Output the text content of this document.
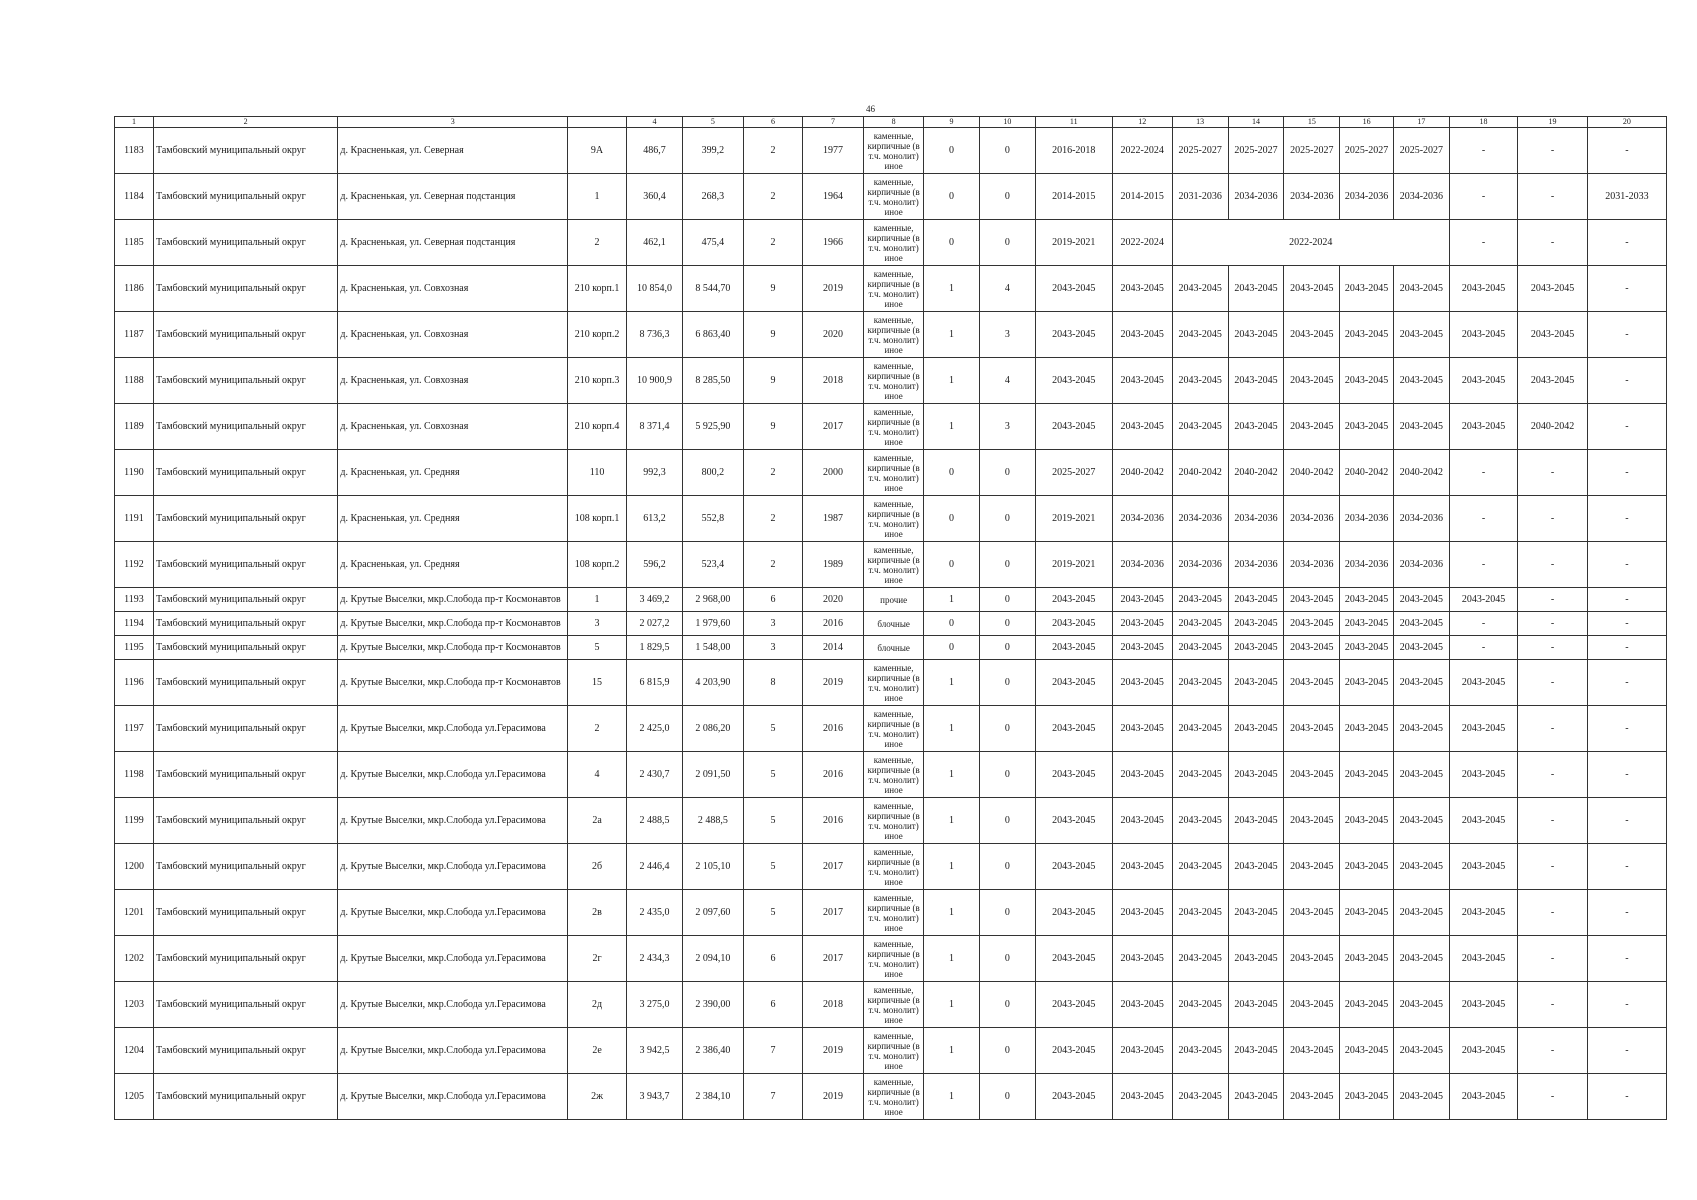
46
1	2	3		4	5	6	7	8	9	10	11	12	13	14	15	16	17	18	19	20
1183	Тамбовский муниципальный округ	д. Красненькая, ул. Северная	9А	486,7	399,2	2	1977	каменные, кирпичные (в т.ч. монолит) иное	0	0	2016-2018	2022-2024	2025-2027	2025-2027	2025-2027	2025-2027	2025-2027	-	-	-
1184	Тамбовский муниципальный округ	д. Красненькая, ул. Северная подстанция	1	360,4	268,3	2	1964	каменные, кирпичные (в т.ч. монолит) иное	0	0	2014-2015	2014-2015	2031-2036	2034-2036	2034-2036	2034-2036	2034-2036	-	-	2031-2033
1185	Тамбовский муниципальный округ	д. Красненькая, ул. Северная подстанция	2	462,1	475,4	2	1966	каменные, кирпичные (в т.ч. монолит) иное	0	0	2019-2021	2022-2024	2022-2024					-	-	-
1186	Тамбовский муниципальный округ	д. Красненькая, ул. Совхозная	210 корп.1	10 854,0	8 544,70	9	2019	каменные, кирпичные (в т.ч. монолит) иное	1	4	2043-2045	2043-2045	2043-2045	2043-2045	2043-2045	2043-2045	2043-2045	2043-2045	2043-2045	-
1187	Тамбовский муниципальный округ	д. Красненькая, ул. Совхозная	210 корп.2	8 736,3	6 863,40	9	2020	каменные, кирпичные (в т.ч. монолит) иное	1	3	2043-2045	2043-2045	2043-2045	2043-2045	2043-2045	2043-2045	2043-2045	2043-2045	2043-2045	-
1188	Тамбовский муниципальный округ	д. Красненькая, ул. Совхозная	210 корп.3	10 900,9	8 285,50	9	2018	каменные, кирпичные (в т.ч. монолит) иное	1	4	2043-2045	2043-2045	2043-2045	2043-2045	2043-2045	2043-2045	2043-2045	2043-2045	2043-2045	-
1189	Тамбовский муниципальный округ	д. Красненькая, ул. Совхозная	210 корп.4	8 371,4	5 925,90	9	2017	каменные, кирпичные (в т.ч. монолит) иное	1	3	2043-2045	2043-2045	2043-2045	2043-2045	2043-2045	2043-2045	2043-2045	2043-2045	2040-2042	-
1190	Тамбовский муниципальный округ	д. Красненькая, ул. Средняя	110	992,3	800,2	2	2000	каменные, кирпичные (в т.ч. монолит) иное	0	0	2025-2027	2040-2042	2040-2042	2040-2042	2040-2042	2040-2042	2040-2042	-	-	-
1191	Тамбовский муниципальный округ	д. Красненькая, ул. Средняя	108 корп.1	613,2	552,8	2	1987	каменные, кирпичные (в т.ч. монолит) иное	0	0	2019-2021	2034-2036	2034-2036	2034-2036	2034-2036	2034-2036	2034-2036	-	-	-
1192	Тамбовский муниципальный округ	д. Красненькая, ул. Средняя	108 корп.2	596,2	523,4	2	1989	каменные, кирпичные (в т.ч. монолит) иное	0	0	2019-2021	2034-2036	2034-2036	2034-2036	2034-2036	2034-2036	2034-2036	-	-	-
1193	Тамбовский муниципальный округ	д. Крутые Выселки, мкр.Слобода пр-т Космонавтов	1	3 469,2	2 968,00	6	2020	прочие	1	0	2043-2045	2043-2045	2043-2045	2043-2045	2043-2045	2043-2045	2043-2045	2043-2045	-	-
1194	Тамбовский муниципальный округ	д. Крутые Выселки, мкр.Слобода пр-т Космонавтов	3	2 027,2	1 979,60	3	2016	блочные	0	0	2043-2045	2043-2045	2043-2045	2043-2045	2043-2045	2043-2045	2043-2045	-	-	-
1195	Тамбовский муниципальный округ	д. Крутые Выселки, мкр.Слобода пр-т Космонавтов	5	1 829,5	1 548,00	3	2014	блочные	0	0	2043-2045	2043-2045	2043-2045	2043-2045	2043-2045	2043-2045	2043-2045	-	-	-
1196	Тамбовский муниципальный округ	д. Крутые Выселки, мкр.Слобода пр-т Космонавтов	15	6 815,9	4 203,90	8	2019	каменные, кирпичные (в т.ч. монолит) иное	1	0	2043-2045	2043-2045	2043-2045	2043-2045	2043-2045	2043-2045	2043-2045	2043-2045	-	-
1197	Тамбовский муниципальный округ	д. Крутые Выселки, мкр.Слобода ул.Герасимова	2	2 425,0	2 086,20	5	2016	каменные, кирпичные (в т.ч. монолит) иное	1	0	2043-2045	2043-2045	2043-2045	2043-2045	2043-2045	2043-2045	2043-2045	2043-2045	-	-
1198	Тамбовский муниципальный округ	д. Крутые Выселки, мкр.Слобода ул.Герасимова	4	2 430,7	2 091,50	5	2016	каменные, кирпичные (в т.ч. монолит) иное	1	0	2043-2045	2043-2045	2043-2045	2043-2045	2043-2045	2043-2045	2043-2045	2043-2045	-	-
1199	Тамбовский муниципальный округ	д. Крутые Выселки, мкр.Слобода ул.Герасимова	2а	2 488,5	2 488,5	5	2016	каменные, кирпичные (в т.ч. монолит) иное	1	0	2043-2045	2043-2045	2043-2045	2043-2045	2043-2045	2043-2045	2043-2045	2043-2045	-	-
1200	Тамбовский муниципальный округ	д. Крутые Выселки, мкр.Слобода ул.Герасимова	2б	2 446,4	2 105,10	5	2017	каменные, кирпичные (в т.ч. монолит) иное	1	0	2043-2045	2043-2045	2043-2045	2043-2045	2043-2045	2043-2045	2043-2045	2043-2045	-	-
1201	Тамбовский муниципальный округ	д. Крутые Выселки, мкр.Слобода ул.Герасимова	2в	2 435,0	2 097,60	5	2017	каменные, кирпичные (в т.ч. монолит) иное	1	0	2043-2045	2043-2045	2043-2045	2043-2045	2043-2045	2043-2045	2043-2045	2043-2045	-	-
1202	Тамбовский муниципальный округ	д. Крутые Выселки, мкр.Слобода ул.Герасимова	2г	2 434,3	2 094,10	6	2017	каменные, кирпичные (в т.ч. монолит) иное	1	0	2043-2045	2043-2045	2043-2045	2043-2045	2043-2045	2043-2045	2043-2045	2043-2045	-	-
1203	Тамбовский муниципальный округ	д. Крутые Выселки, мкр.Слобода ул.Герасимова	2д	3 275,0	2 390,00	6	2018	каменные, кирпичные (в т.ч. монолит) иное	1	0	2043-2045	2043-2045	2043-2045	2043-2045	2043-2045	2043-2045	2043-2045	2043-2045	-	-
1204	Тамбовский муниципальный округ	д. Крутые Выселки, мкр.Слобода ул.Герасимова	2е	3 942,5	2 386,40	7	2019	каменные, кирпичные (в т.ч. монолит) иное	1	0	2043-2045	2043-2045	2043-2045	2043-2045	2043-2045	2043-2045	2043-2045	2043-2045	-	-
1205	Тамбовский муниципальный округ	д. Крутые Выселки, мкр.Слобода ул.Герасимова	2ж	3 943,7	2 384,10	7	2019	каменные, кирпичные (в т.ч. монолит) иное	1	0	2043-2045	2043-2045	2043-2045	2043-2045	2043-2045	2043-2045	2043-2045	2043-2045	-	-
